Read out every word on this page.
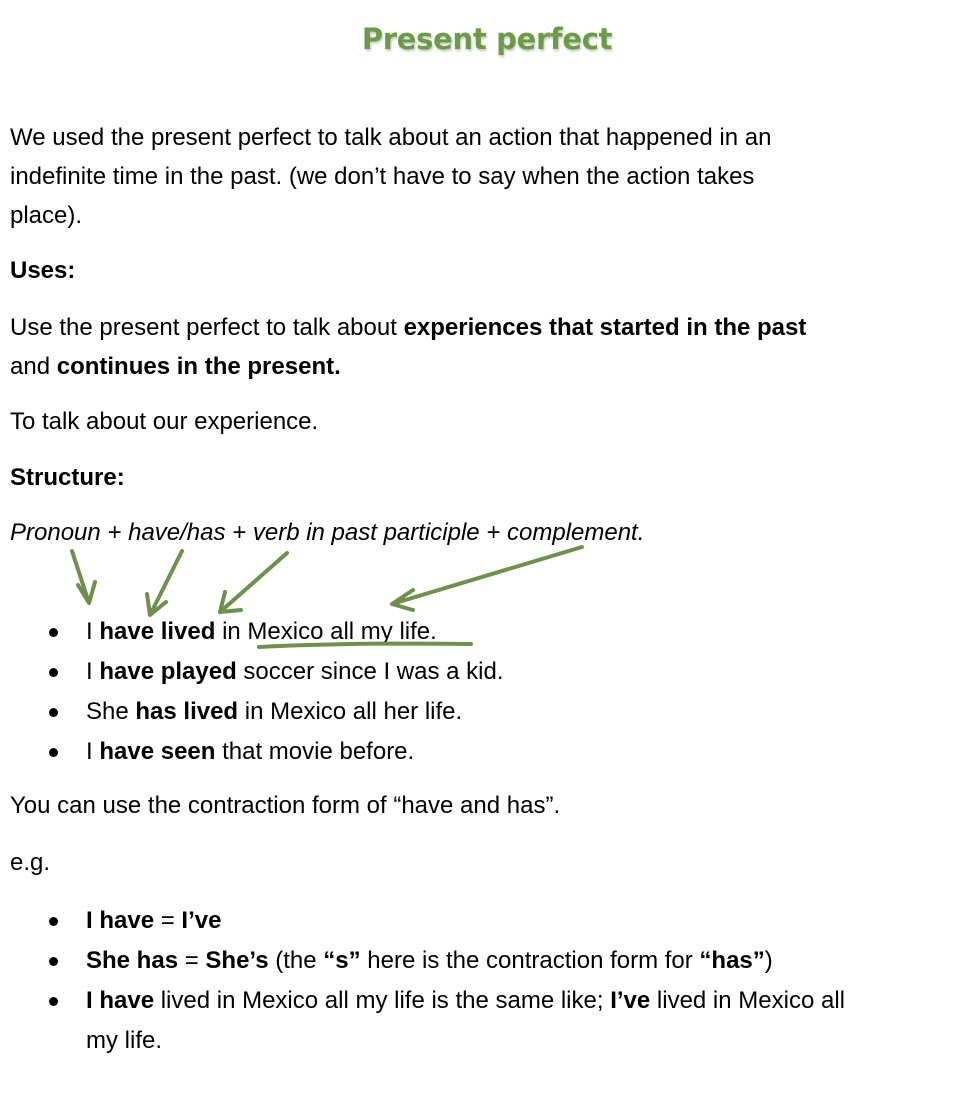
Present perfect
We used the present perfect to talk about an action that happened in an
indefinite time in the past. (we don’t have to say when the action takes
place).
Uses:
Use the present perfect to talk about experiences that started in the past
and continues in the present.
To talk about our experience.
Structure:
Pronoun + have/has + verb in past participle + complement.
I have lived in Mexico all my life.
I have played soccer since I was a kid.
She has lived in Mexico all her life.
I have seen that movie before.
You can use the contraction form of “have and has”.
e.g.
I have = I’ve
She has = She’s (the “s” here is the contraction form for “has”)
I have lived in Mexico all my life is the same like; I’ve lived in Mexico all
my life.
